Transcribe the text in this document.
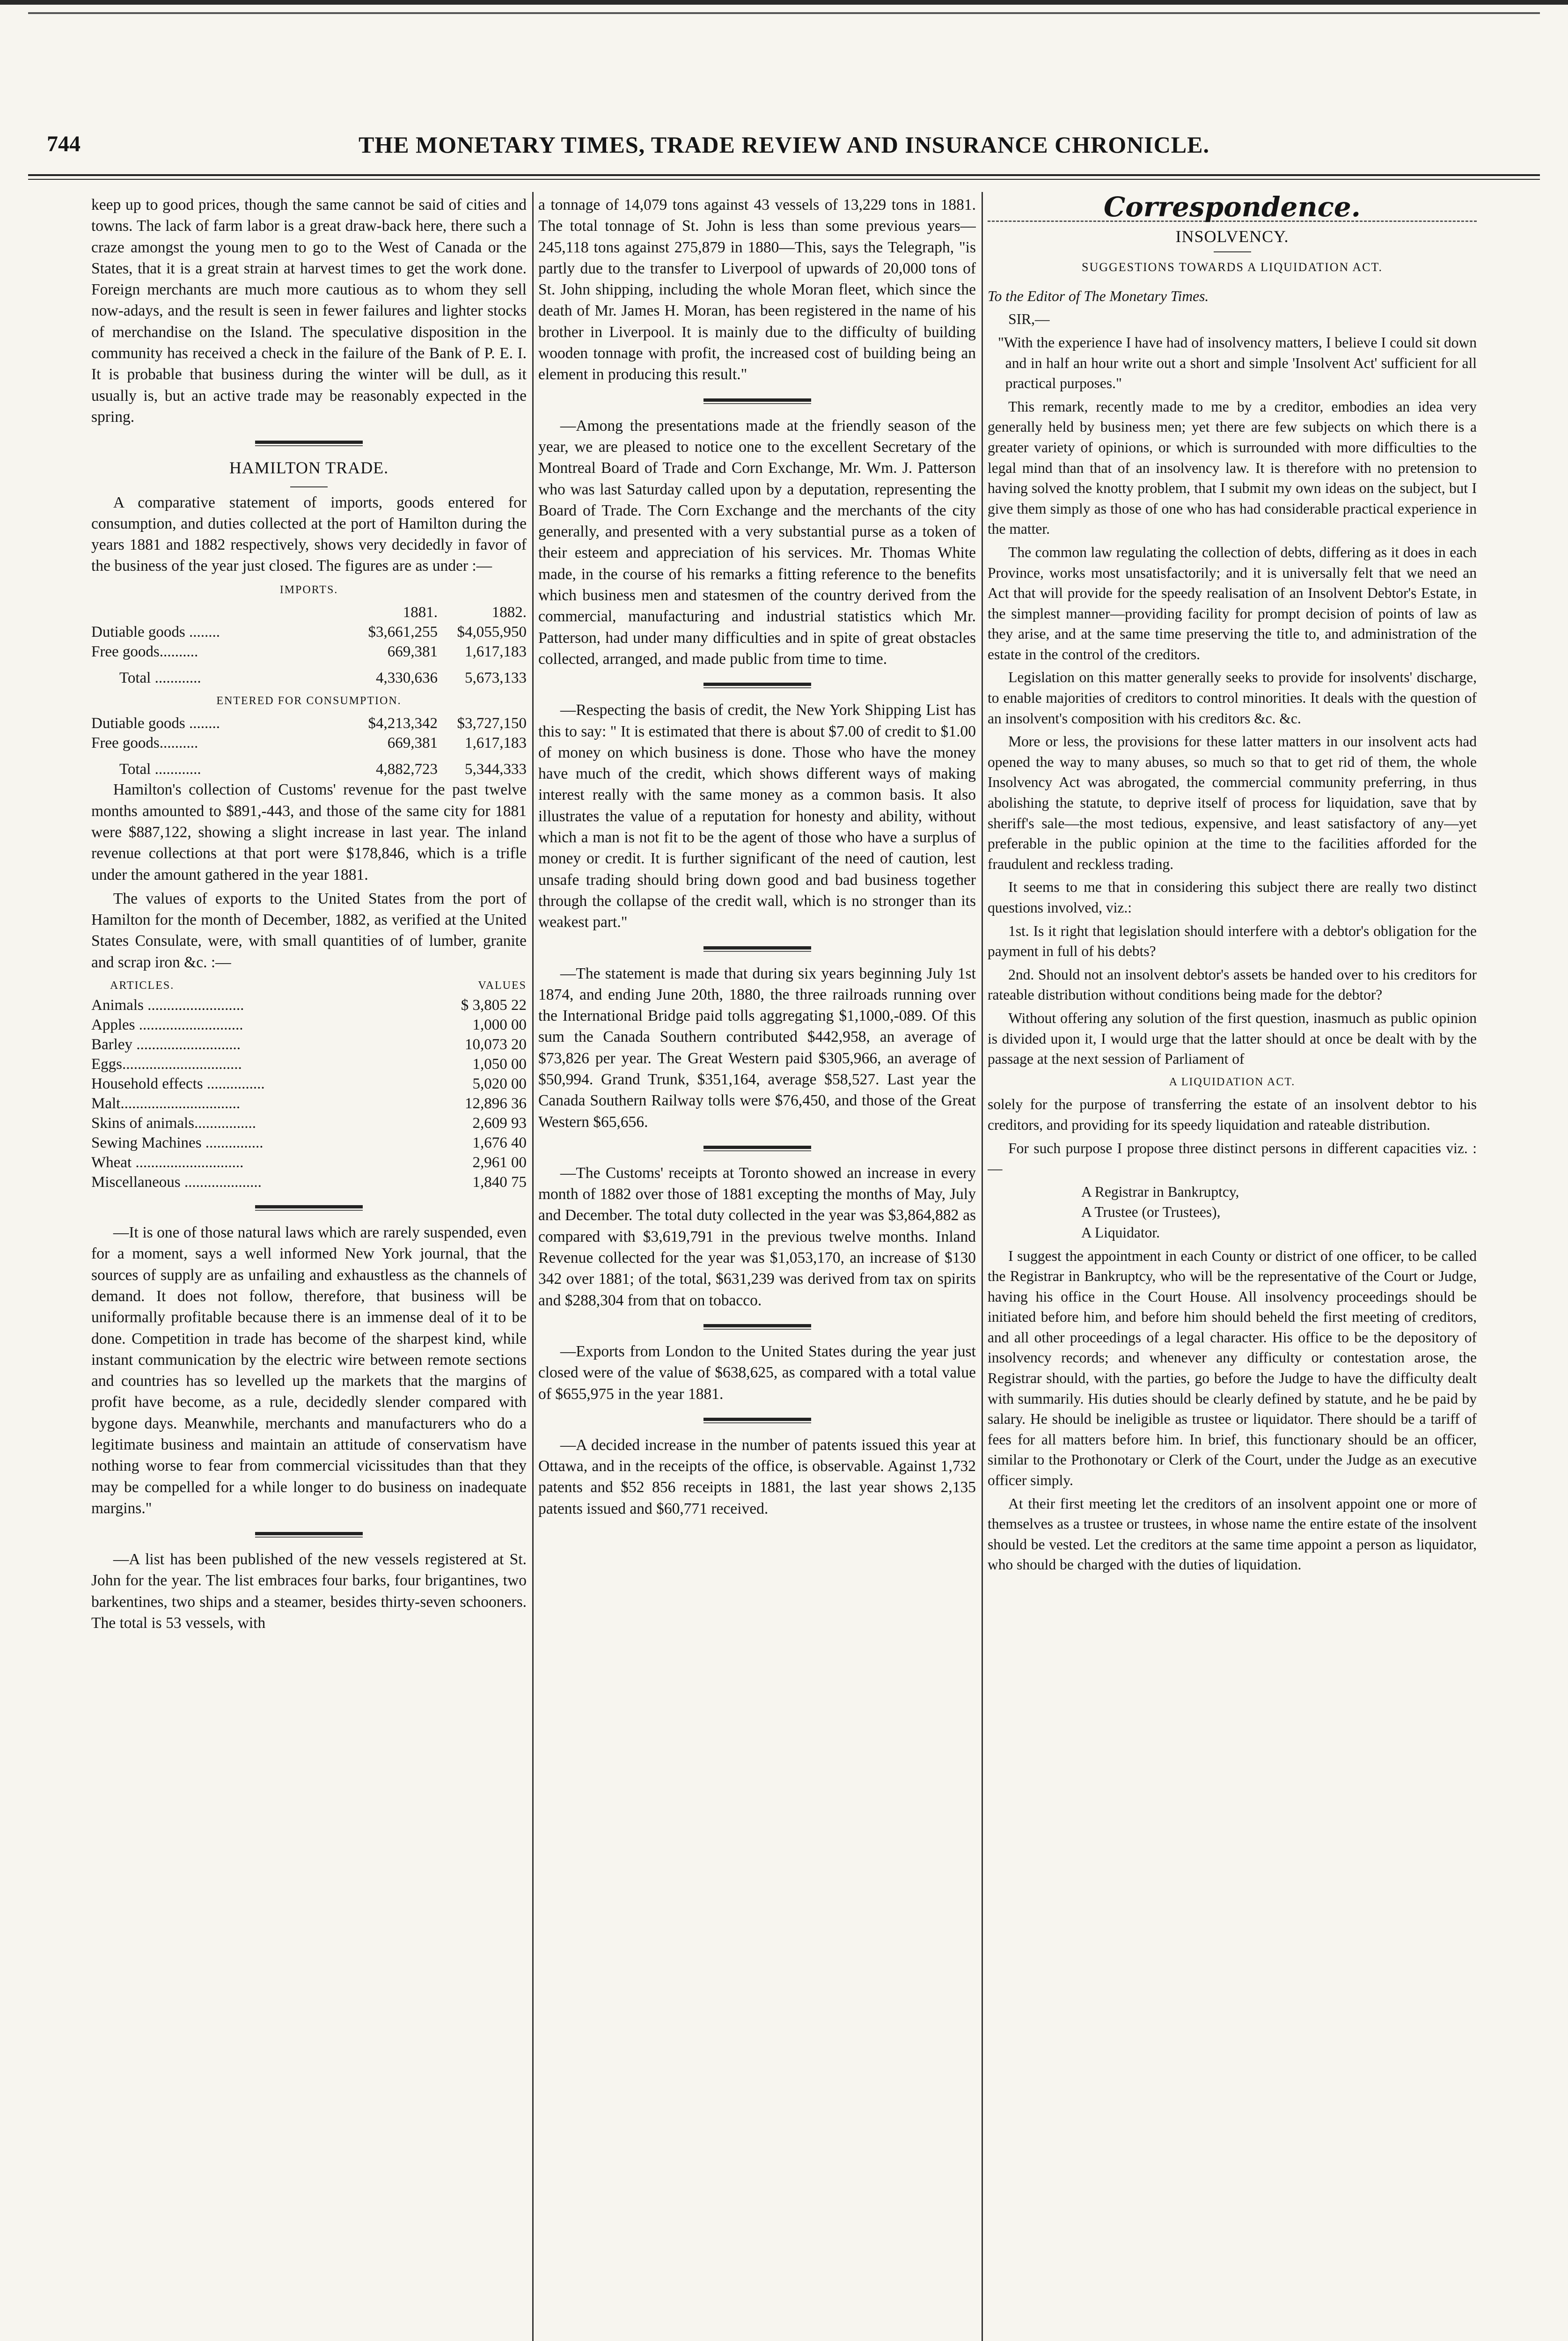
744	THE MONETARY TIMES, TRADE REVIEW AND INSURANCE CHRONICLE.

keep up to good prices, though the same cannot be said of cities and towns. The lack of farm labor is a great draw-back here, there such a craze amongst the young men to go to the West of Canada or the States, that it is a great strain at harvest times to get the work done. Foreign merchants are much more cautious as to whom they sell now-adays, and the result is seen in fewer failures and lighter stocks of merchandise on the Island. The speculative disposition in the community has received a check in the failure of the Bank of P. E. I. It is probable that business during the winter will be dull, as it usually is, but an active trade may be reasonably expected in the spring.

HAMILTON TRADE.

A comparative statement of imports, goods entered for consumption, and duties collected at the port of Hamilton during the years 1881 and 1882 respectively, shows very decidedly in favor of the business of the year just closed. The figures are as under :—

IMPORTS.
	1881.	1882.
Dutiable goods ........	$3,661,255	$4,055,950
Free goods..........	669,381	1,617,183
Total ............	4,330,636	5,673,133
ENTERED FOR CONSUMPTION.
Dutiable goods ........	$4,213,342	$3,727,150
Free goods..........	669,381	1,617,183
Total ............	4,882,723	5,344,333

Hamilton's collection of Customs' revenue for the past twelve months amounted to $891,-443, and those of the same city for 1881 were $887,122, showing a slight increase in last year. The inland revenue collections at that port were $178,846, which is a trifle under the amount gathered in the year 1881.

The values of exports to the United States from the port of Hamilton for the month of December, 1882, as verified at the United States Consulate, were, with small quantities of of lumber, granite and scrap iron &c. :—

ARTICLES.	VALUES
Animals .........................	$ 3,805 22
Apples ...........................	1,000 00
Barley ...........................	10,073 20
Eggs...............................	1,050 00
Household effects ...............	5,020 00
Malt...............................	12,896 36
Skins of animals................	2,609 93
Sewing Machines ...............	1,676 40
Wheat ............................	2,961 00
Miscellaneous ....................	1,840 75

—It is one of those natural laws which are rarely suspended, even for a moment, says a well informed New York journal, that the sources of supply are as unfailing and exhaustless as the channels of demand. It does not follow, therefore, that business will be uniformally profitable because there is an immense deal of it to be done. Competition in trade has become of the sharpest kind, while instant communication by the electric wire between remote sections and countries has so levelled up the markets that the margins of profit have become, as a rule, decidedly slender compared with bygone days. Meanwhile, merchants and manufacturers who do a legitimate business and maintain an attitude of conservatism have nothing worse to fear from commercial vicissitudes than that they may be compelled for a while longer to do business on inadequate margins."

—A list has been published of the new vessels registered at St. John for the year. The list embraces four barks, four brigantines, two barkentines, two ships and a steamer, besides thirty-seven schooners. The total is 53 vessels, with

a tonnage of 14,079 tons against 43 vessels of 13,229 tons in 1881. The total tonnage of St. John is less than some previous years—245,118 tons against 275,879 in 1880—This, says the Telegraph, "is partly due to the transfer to Liverpool of upwards of 20,000 tons of St. John shipping, including the whole Moran fleet, which since the death of Mr. James H. Moran, has been registered in the name of his brother in Liverpool. It is mainly due to the difficulty of building wooden tonnage with profit, the increased cost of building being an element in producing this result."

—Among the presentations made at the friendly season of the year, we are pleased to notice one to the excellent Secretary of the Montreal Board of Trade and Corn Exchange, Mr. Wm. J. Patterson who was last Saturday called upon by a deputation, representing the Board of Trade. The Corn Exchange and the merchants of the city generally, and presented with a very substantial purse as a token of their esteem and appreciation of his services. Mr. Thomas White made, in the course of his remarks a fitting reference to the benefits which business men and statesmen of the country derived from the commercial, manufacturing and industrial statistics which Mr. Patterson, had under many difficulties and in spite of great obstacles collected, arranged, and made public from time to time.

—Respecting the basis of credit, the New York Shipping List has this to say: " It is estimated that there is about $7.00 of credit to $1.00 of money on which business is done. Those who have the money have much of the credit, which shows different ways of making interest really with the same money as a common basis. It also illustrates the value of a reputation for honesty and ability, without which a man is not fit to be the agent of those who have a surplus of money or credit. It is further significant of the need of caution, lest unsafe trading should bring down good and bad business together through the collapse of the credit wall, which is no stronger than its weakest part."

—The statement is made that during six years beginning July 1st 1874, and ending June 20th, 1880, the three railroads running over the International Bridge paid tolls aggregating $1,1000,-089. Of this sum the Canada Southern contributed $442,958, an average of $73,826 per year. The Great Western paid $305,966, an average of $50,994. Grand Trunk, $351,164, average $58,527. Last year the Canada Southern Railway tolls were $76,450, and those of the Great Western $65,656.

—The Customs' receipts at Toronto showed an increase in every month of 1882 over those of 1881 excepting the months of May, July and December. The total duty collected in the year was $3,864,882 as compared with $3,619,791 in the previous twelve months. Inland Revenue collected for the year was $1,053,170, an increase of $130 342 over 1881; of the total, $631,239 was derived from tax on spirits and $288,304 from that on tobacco.

—Exports from London to the United States during the year just closed were of the value of $638,625, as compared with a total value of $655,975 in the year 1881.

—A decided increase in the number of patents issued this year at Ottawa, and in the receipts of the office, is observable. Against 1,732 patents and $52 856 receipts in 1881, the last year shows 2,135 patents issued and $60,771 received.

Correspondence.
INSOLVENCY.
SUGGESTIONS TOWARDS A LIQUIDATION ACT.

To the Editor of The Monetary Times.

SIR,—

"With the experience I have had of insolvency matters, I believe I could sit down and in half an hour write out a short and simple 'Insolvent Act' sufficient for all practical purposes."

This remark, recently made to me by a creditor, embodies an idea very generally held by business men; yet there are few subjects on which there is a greater variety of opinions, or which is surrounded with more difficulties to the legal mind than that of an insolvency law. It is therefore with no pretension to having solved the knotty problem, that I submit my own ideas on the subject, but I give them simply as those of one who has had considerable practical experience in the matter.

The common law regulating the collection of debts, differing as it does in each Province, works most unsatisfactorily; and it is universally felt that we need an Act that will provide for the speedy realisation of an Insolvent Debtor's Estate, in the simplest manner—providing facility for prompt decision of points of law as they arise, and at the same time preserving the title to, and administration of the estate in the control of the creditors.

Legislation on this matter generally seeks to provide for insolvents' discharge, to enable majorities of creditors to control minorities. It deals with the question of an insolvent's composition with his creditors &c. &c.

More or less, the provisions for these latter matters in our insolvent acts had opened the way to many abuses, so much so that to get rid of them, the whole Insolvency Act was abrogated, the commercial community preferring, in thus abolishing the statute, to deprive itself of process for liquidation, save that by sheriff's sale—the most tedious, expensive, and least satisfactory of any—yet preferable in the public opinion at the time to the facilities afforded for the fraudulent and reckless trading.

It seems to me that in considering this subject there are really two distinct questions involved, viz.:

1st. Is it right that legislation should interfere with a debtor's obligation for the payment in full of his debts?

2nd. Should not an insolvent debtor's assets be handed over to his creditors for rateable distribution without conditions being made for the debtor?

Without offering any solution of the first question, inasmuch as public opinion is divided upon it, I would urge that the latter should at once be dealt with by the passage at the next session of Parliament of

A LIQUIDATION ACT.

solely for the purpose of transferring the estate of an insolvent debtor to his creditors, and providing for its speedy liquidation and rateable distribution.

For such purpose I propose three distinct persons in different capacities viz. :—

A Registrar in Bankruptcy,

A Trustee (or Trustees),

A Liquidator.

I suggest the appointment in each County or district of one officer, to be called the Registrar in Bankruptcy, who will be the representative of the Court or Judge, having his office in the Court House. All insolvency proceedings should be initiated before him, and before him should beheld the first meeting of creditors, and all other proceedings of a legal character. His office to be the depository of insolvency records; and whenever any difficulty or contestation arose, the Registrar should, with the parties, go before the Judge to have the difficulty dealt with summarily. His duties should be clearly defined by statute, and he be paid by salary. He should be ineligible as trustee or liquidator. There should be a tariff of fees for all matters before him. In brief, this functionary should be an officer, similar to the Prothonotary or Clerk of the Court, under the Judge as an executive officer simply.

At their first meeting let the creditors of an insolvent appoint one or more of themselves as a trustee or trustees, in whose name the entire estate of the insolvent should be vested. Let the creditors at the same time appoint a person as liquidator, who should be charged with the duties of liquidation.
